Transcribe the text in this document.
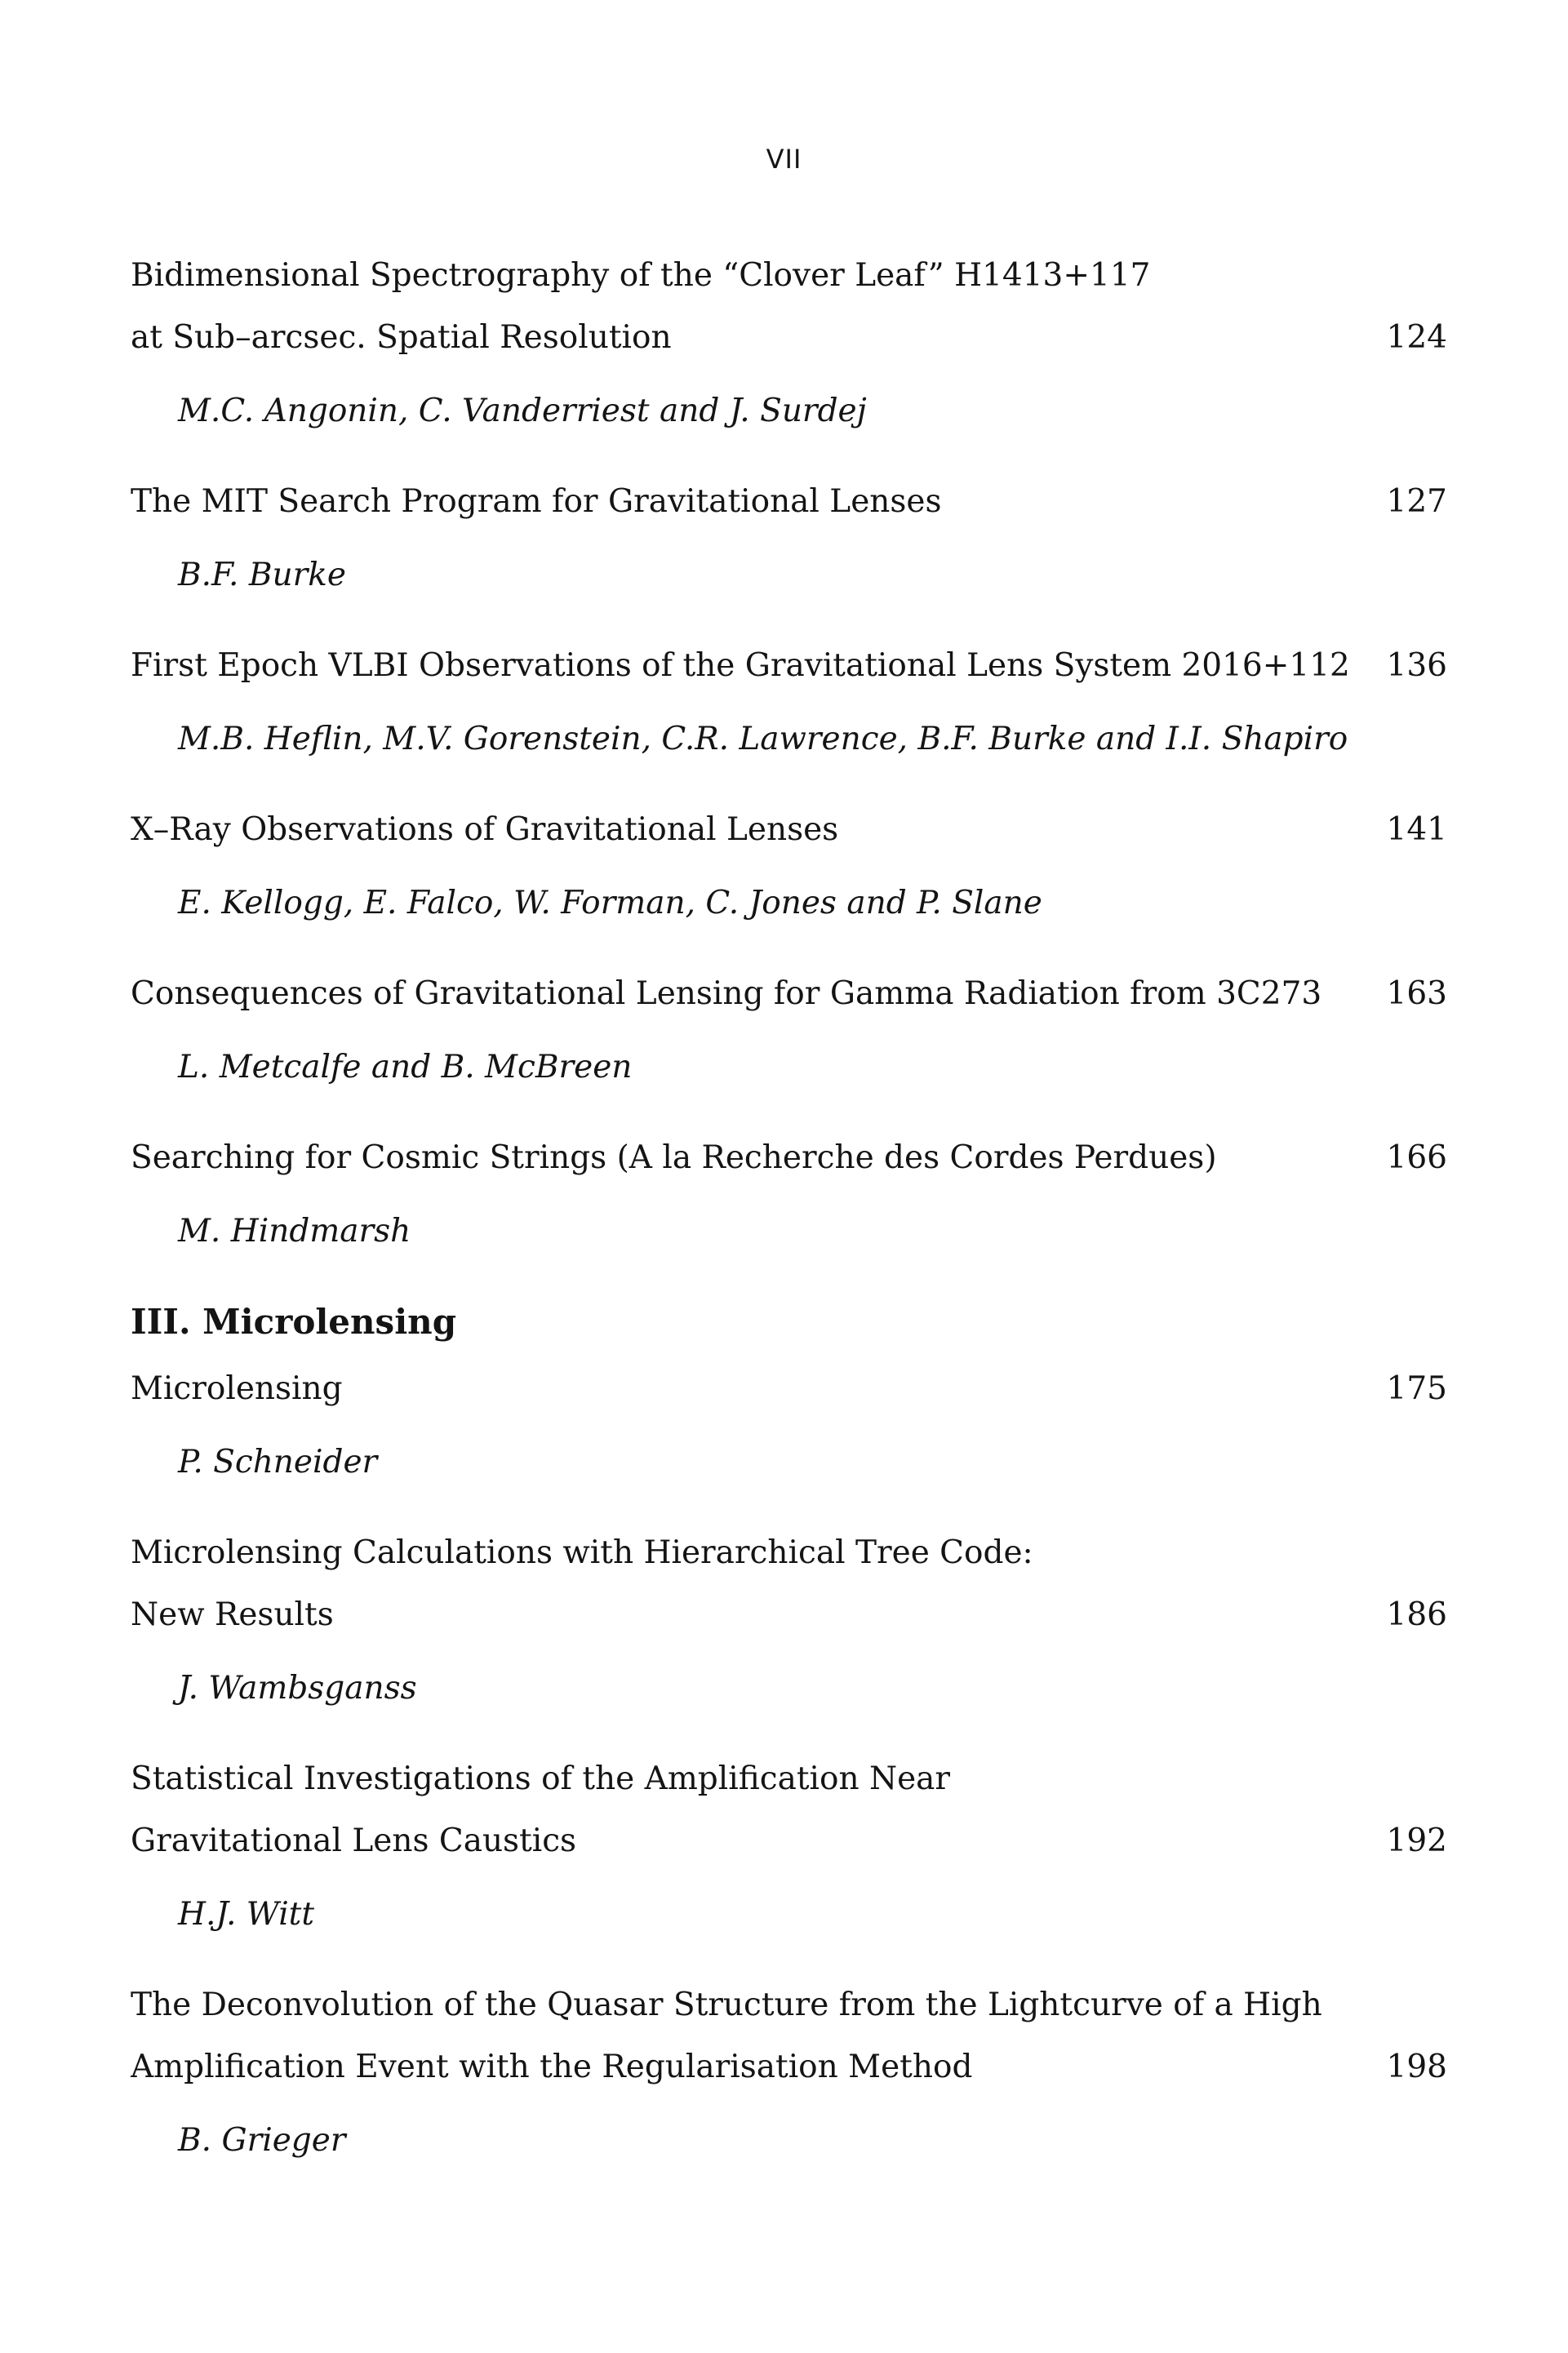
VII
Bidimensional Spectrography of the “Clover Leaf” H1413+117
at Sub–arcsec. Spatial Resolution	124
M.C. Angonin, C. Vanderriest and J. Surdej
The MIT Search Program for Gravitational Lenses	127
B.F. Burke
First Epoch VLBI Observations of the Gravitational Lens System 2016+112	136
M.B. Heflin, M.V. Gorenstein, C.R. Lawrence, B.F. Burke and I.I. Shapiro
X–Ray Observations of Gravitational Lenses	141
E. Kellogg, E. Falco, W. Forman, C. Jones and P. Slane
Consequences of Gravitational Lensing for Gamma Radiation from 3C273	163
L. Metcalfe and B. McBreen
Searching for Cosmic Strings (A la Recherche des Cordes Perdues)	166
M. Hindmarsh
III. Microlensing
Microlensing	175
P. Schneider
Microlensing Calculations with Hierarchical Tree Code:
New Results	186
J. Wambsganss
Statistical Investigations of the Amplification Near
Gravitational Lens Caustics	192
H.J. Witt
The Deconvolution of the Quasar Structure from the Lightcurve of a High
Amplification Event with the Regularisation Method	198
B. Grieger
